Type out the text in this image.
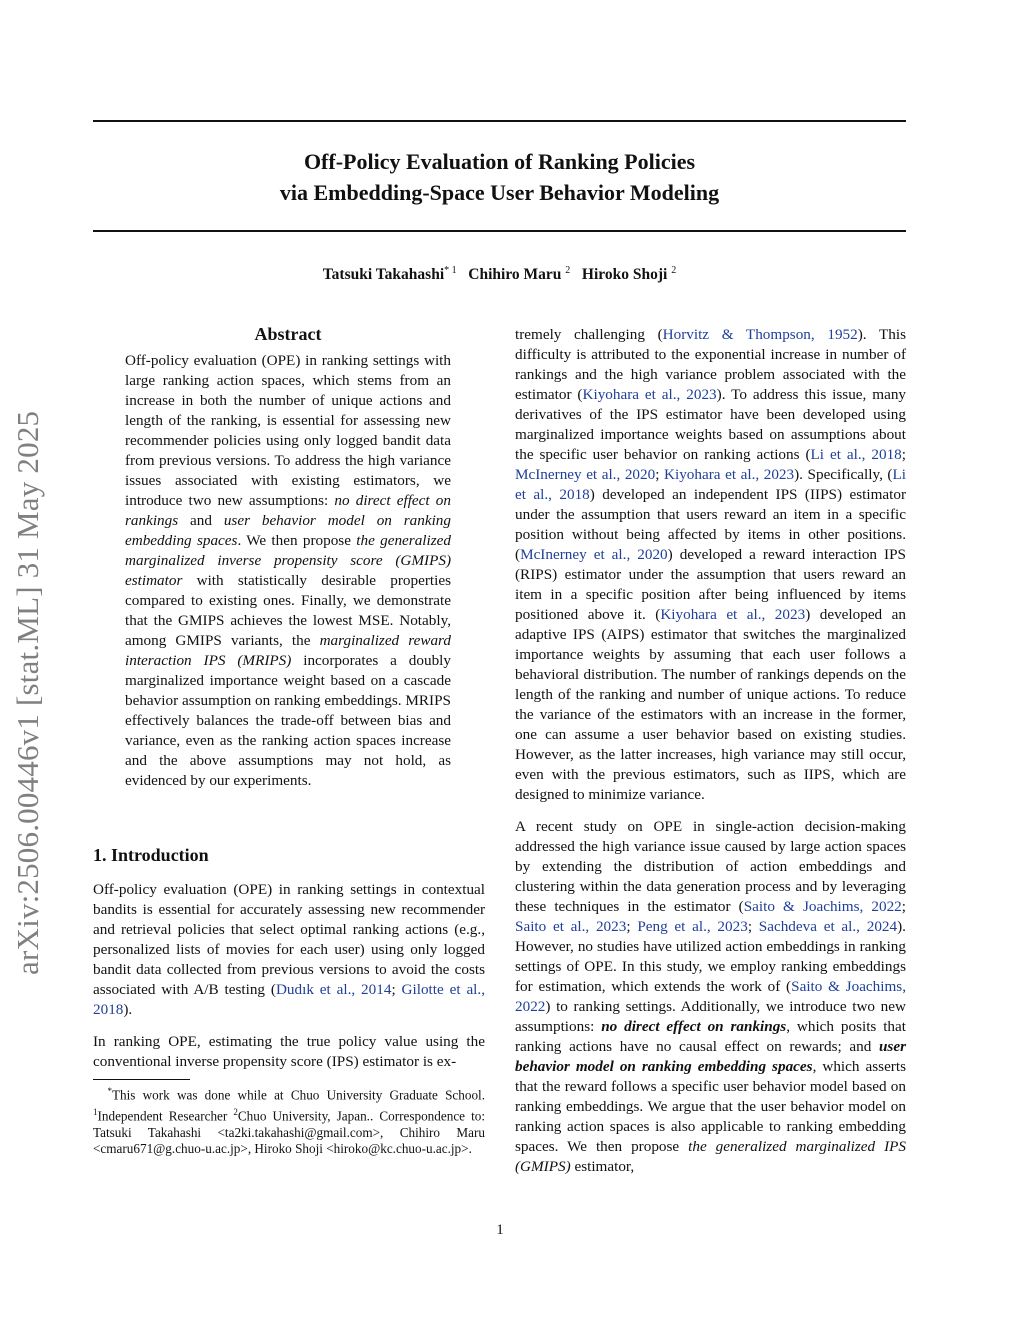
Off-Policy Evaluation of Ranking Policies
via Embedding-Space User Behavior Modeling
Tatsuki Takahashi$^{* 1}$ Chihiro Maru $^2$ Hiroko Shoji $^2$
arXiv:2506.00446v1 [stat.ML] 31 May 2025

Abstract

Off-policy evaluation (OPE) in ranking settings with large ranking action spaces, which stems from an increase in both the number of unique actions and length of the ranking, is essential for assessing new recommender policies using only logged bandit data from previous versions. To address the high variance issues associated with existing estimators, we introduce two new assumptions: no direct effect on rankings and user behavior model on ranking embedding spaces. We then propose the generalized marginalized inverse propensity score (GMIPS) estimator with statistically desirable properties compared to existing ones. Finally, we demonstrate that the GMIPS achieves the lowest MSE. Notably, among GMIPS variants, the marginalized reward interaction IPS (MRIPS) incorporates a doubly marginalized importance weight based on a cascade behavior assumption on ranking embeddings. MRIPS effectively balances the trade-off between bias and variance, even as the ranking action spaces increase and the above assumptions may not hold, as evidenced by our experiments.

1. Introduction

Off-policy evaluation (OPE) in ranking settings in contextual bandits is essential for accurately assessing new recommender and retrieval policies that select optimal ranking actions (e.g., personalized lists of movies for each user) using only logged bandit data collected from previous versions to avoid the costs associated with A/B testing (Dudık et al., 2014; Gilotte et al., 2018).

In ranking OPE, estimating the true policy value using the conventional inverse propensity score (IPS) estimator is ex-

*This work was done while at Chuo University Graduate School. $^1$Independent Researcher $^2$Chuo University, Japan.. Correspondence to: Tatsuki Takahashi <ta2ki.takahashi@gmail.com>, Chihiro Maru <cmaru671@g.chuo-u.ac.jp>, Hiroko Shoji <hiroko@kc.chuo-u.ac.jp>.

tremely challenging (Horvitz & Thompson, 1952). This difficulty is attributed to the exponential increase in number of rankings and the high variance problem associated with the estimator (Kiyohara et al., 2023). To address this issue, many derivatives of the IPS estimator have been developed using marginalized importance weights based on assumptions about the specific user behavior on ranking actions (Li et al., 2018; McInerney et al., 2020; Kiyohara et al., 2023). Specifically, (Li et al., 2018) developed an independent IPS (IIPS) estimator under the assumption that users reward an item in a specific position without being affected by items in other positions. (McInerney et al., 2020) developed a reward interaction IPS (RIPS) estimator under the assumption that users reward an item in a specific position after being influenced by items positioned above it. (Kiyohara et al., 2023) developed an adaptive IPS (AIPS) estimator that switches the marginalized importance weights by assuming that each user follows a behavioral distribution. The number of rankings depends on the length of the ranking and number of unique actions. To reduce the variance of the estimators with an increase in the former, one can assume a user behavior based on existing studies. However, as the latter increases, high variance may still occur, even with the previous estimators, such as IIPS, which are designed to minimize variance.

A recent study on OPE in single-action decision-making addressed the high variance issue caused by large action spaces by extending the distribution of action embeddings and clustering within the data generation process and by leveraging these techniques in the estimator (Saito & Joachims, 2022; Saito et al., 2023; Peng et al., 2023; Sachdeva et al., 2024). However, no studies have utilized action embeddings in ranking settings of OPE. In this study, we employ ranking embeddings for estimation, which extends the work of (Saito & Joachims, 2022) to ranking settings. Additionally, we introduce two new assumptions: no direct effect on rankings, which posits that ranking actions have no causal effect on rewards; and user behavior model on ranking embedding spaces, which asserts that the reward follows a specific user behavior model based on ranking embeddings. We argue that the user behavior model on ranking action spaces is also applicable to ranking embedding spaces. We then propose the generalized marginalized IPS (GMIPS) estimator,

1
